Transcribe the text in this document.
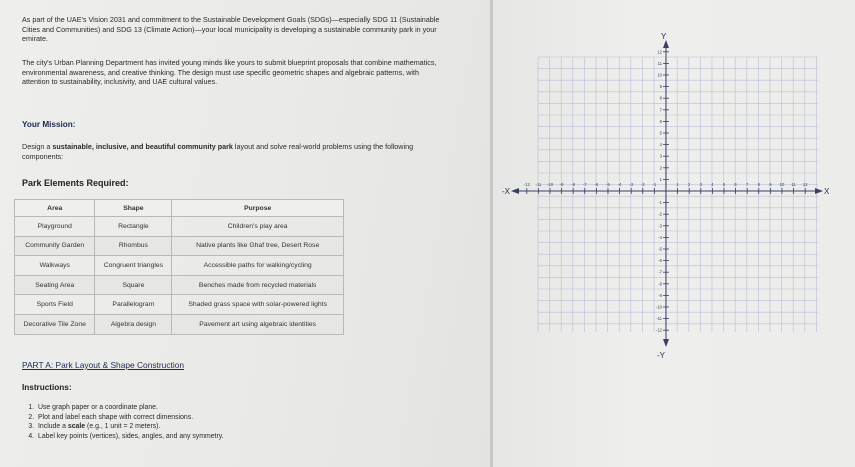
As part of the UAE's Vision 2031 and commitment to the Sustainable Development Goals (SDGs)—especially SDG 11 (Sustainable Cities and Communities) and SDG 13 (Climate Action)—your local municipality is developing a sustainable community park in your emirate.

The city's Urban Planning Department has invited young minds like yours to submit blueprint proposals that combine mathematics, environmental awareness, and creative thinking. The design must use specific geometric shapes and algebraic patterns, with attention to sustainability, inclusivity, and UAE cultural values.

Your Mission:

Design a sustainable, inclusive, and beautiful community park layout and solve real-world problems using the following components:

Park Elements Required:

Area	Shape	Purpose
Playground	Rectangle	Children's play area
Community Garden	Rhombus	Native plants like Ghaf tree, Desert Rose
Walkways	Congruent triangles	Accessible paths for walking/cycling
Seating Area	Square	Benches made from recycled materials
Sports Field	Parallelogram	Shaded grass space with solar-powered lights
Decorative Tile Zone	Algebra design	Pavement art using algebraic identities

PART A: Park Layout & Shape Construction

Instructions:

1. Use graph paper or a coordinate plane.
2. Plot and label each shape with correct dimensions.
3. Include a scale (e.g., 1 unit = 2 meters).
4. Label key points (vertices), sides, angles, and any symmetry.
-12
-12
-11
-11
-10
-10
-9
-9
-8
-8
-7
-7
-6
-6
-5
-5
-4
-4
-3
-3
-2
-2
-1
-1
1
1
2
2
3
3
4
4
5
5
6
6
7
7
8
8
9
9
10
10
11
11
12
12
X
-X
Y
-Y
